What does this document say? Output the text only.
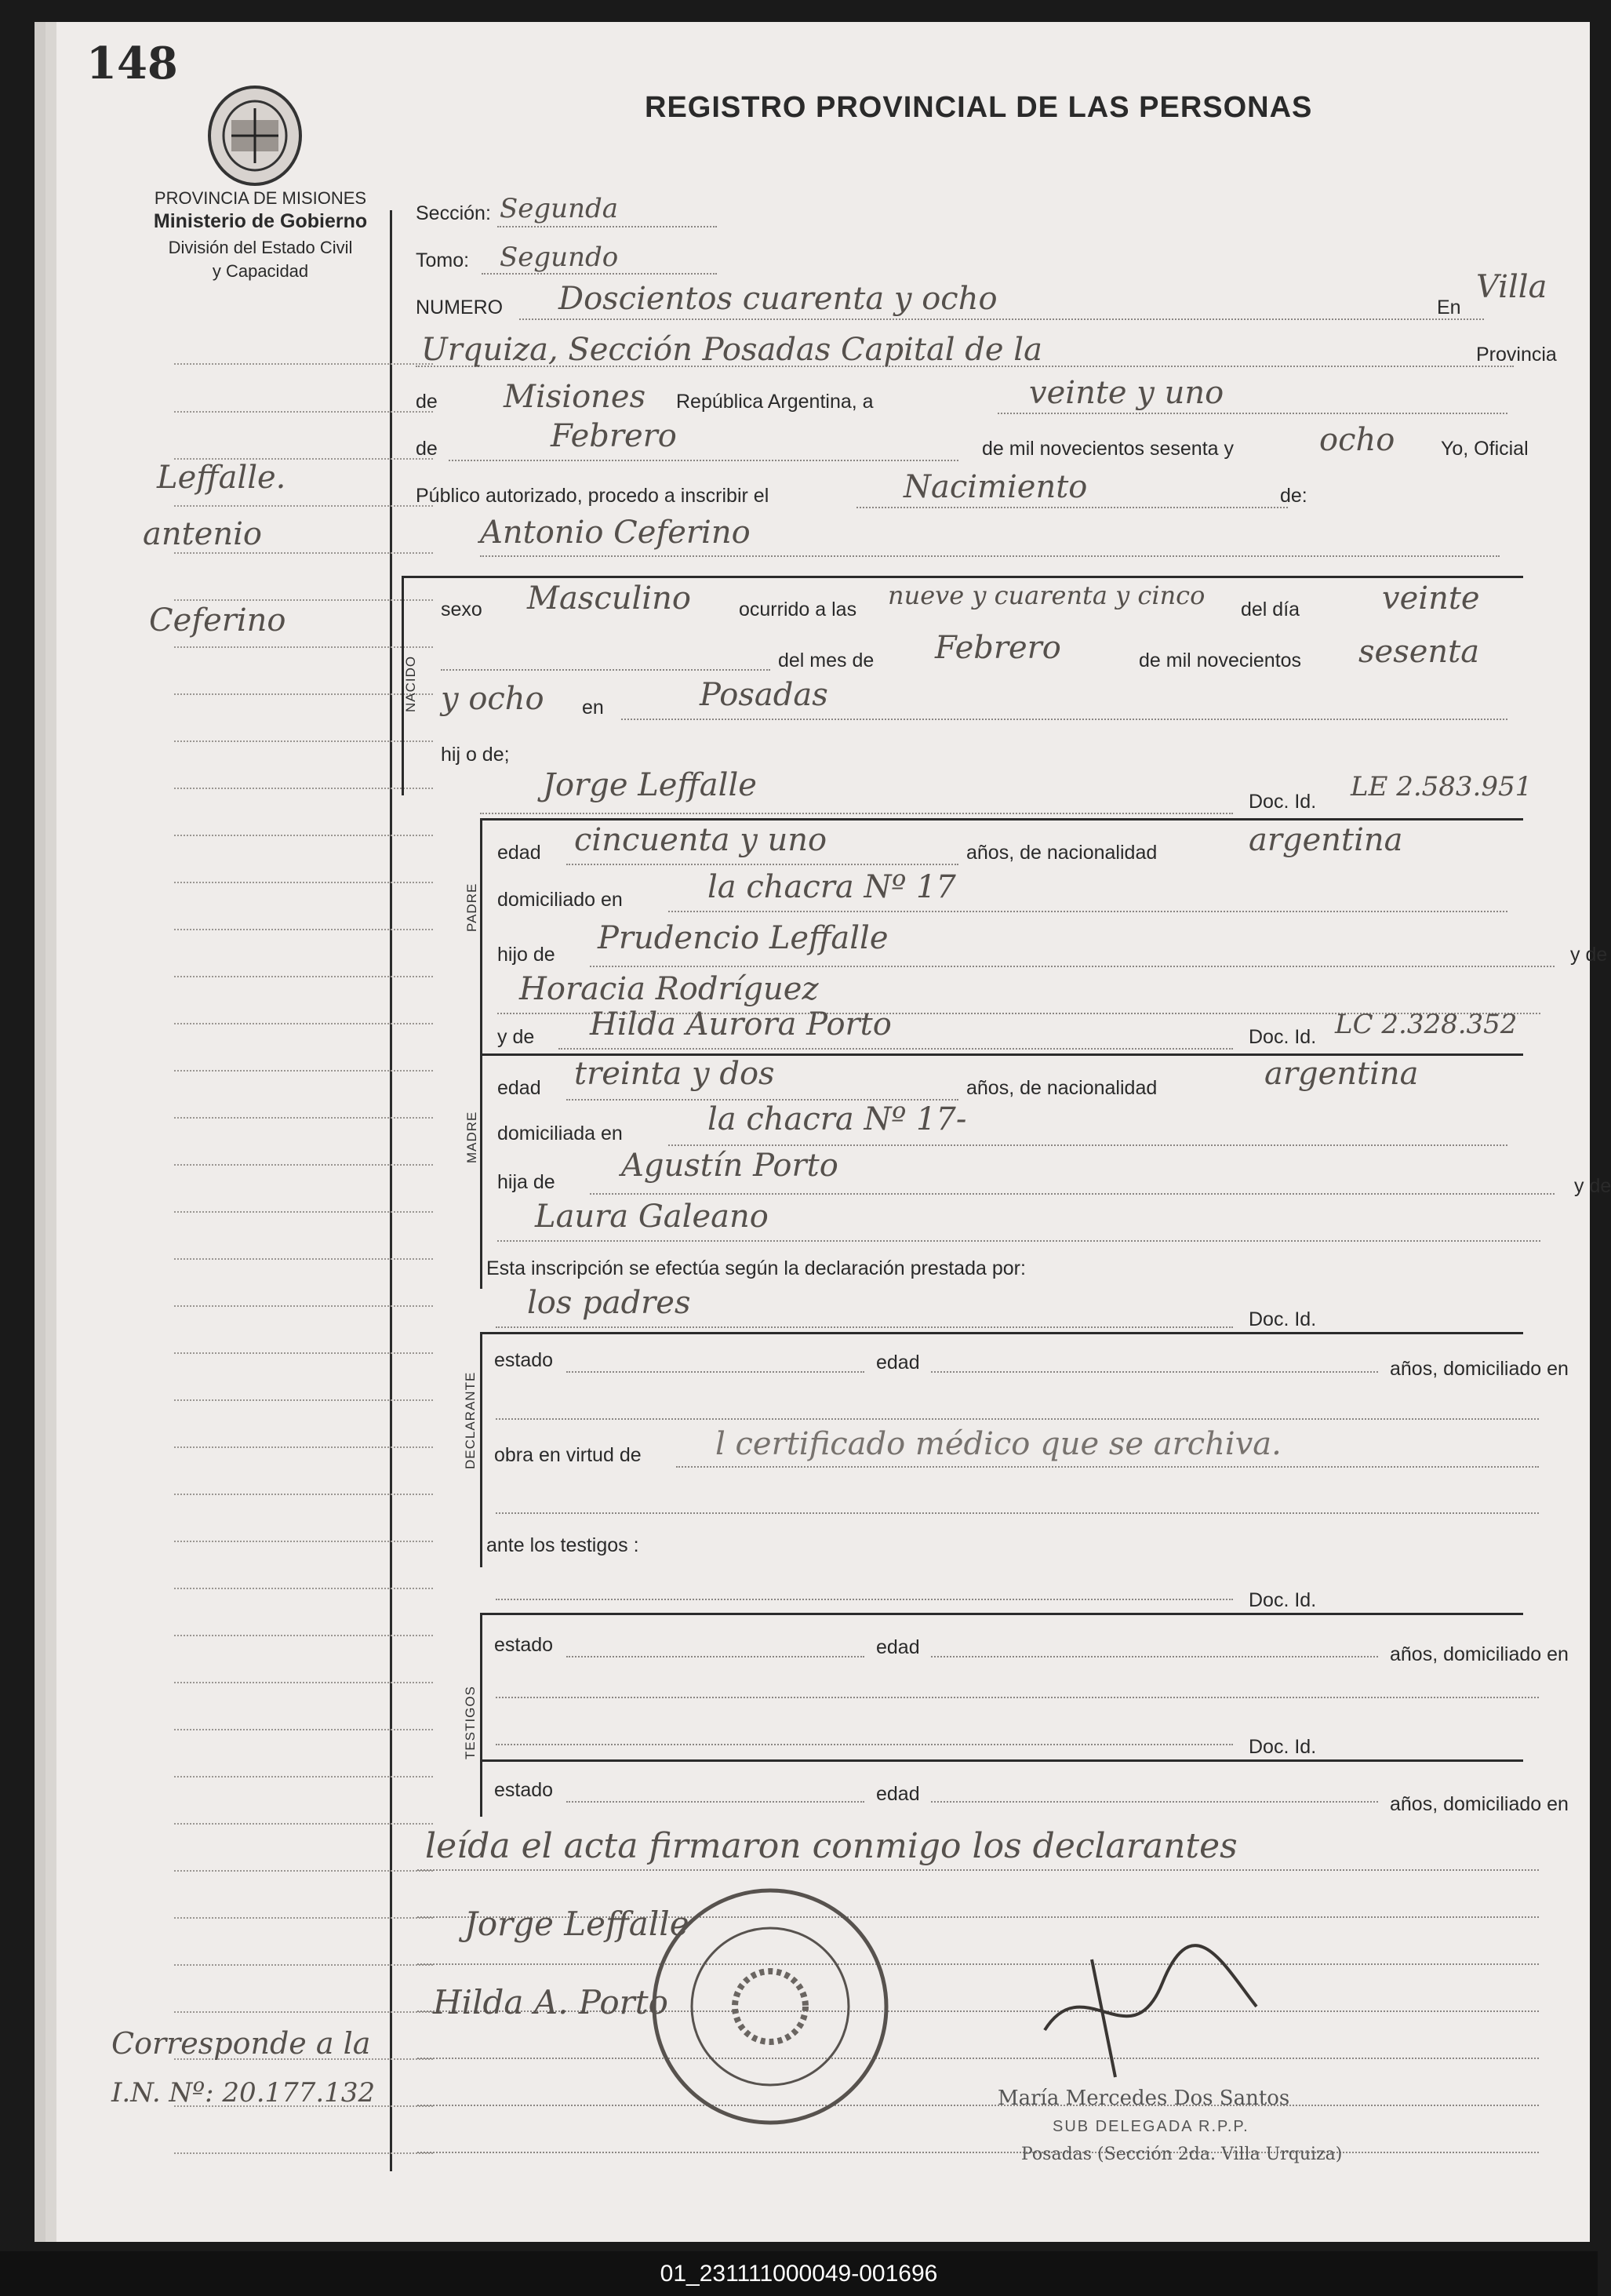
148
PROVINCIA DE MISIONES
Ministerio de Gobierno
División del Estado Civil
y Capacidad
REGISTRO PROVINCIAL DE LAS PERSONAS
Leffalle.
antenio
Ceferino
Corresponde a la
I.N. Nº: 20.177.132
Sección: Segunda
Tomo: Segundo
NUMERO Doscientos cuarenta y ocho	En
Villa
Urquiza, Sección Posadas Capital de la	Provincia
de Misiones República Argentina, a	veinte y uno
de	Febrero	de mil novecientos sesenta y	ocho Yo, Oficial
Público autorizado, procedo a inscribir el	Nacimiento	de:
Antonio Ceferino
NACIDO
sexo Masculino ocurrido a las nueve y cuarenta y cinco del día	veinte
del mes de Febrero	de mil novecientos sesenta
y ocho en	Posadas
hij o de;
Jorge Leffalle	Doc. Id. LE 2.583.951
PADRE
edad cincuenta y uno	años, de nacionalidad	argentina
domiciliado en	la chacra Nº 17
hijo de Prudencio Leffalle	y de
Horacia Rodríguez
y de Hilda Aurora Porto	Doc. Id. LC 2.328.352
MADRE
edad treinta y dos	años, de nacionalidad	argentina
domiciliada en	la chacra Nº 17-
hija de Agustín Porto
y de
Laura Galeano
Esta inscripción se efectúa según la declaración prestada por:
los padres	Doc. Id.
DECLARANTE
estado	edad	años, domiciliado en
obra en virtud de l certificado médico que se archiva.
ante los testigos :
Doc. Id.
TESTIGOS
estado	edad	años, domiciliado en
Doc. Id.
estado	edad	años, domiciliado en
leída el acta firmaron conmigo los declarantes
Jorge Leffalle
Hilda A. Porto
María Mercedes Dos Santos
SUB DELEGADA R.P.P.
Posadas (Sección 2da. Villa Urquiza)
01_231111000049-001696
